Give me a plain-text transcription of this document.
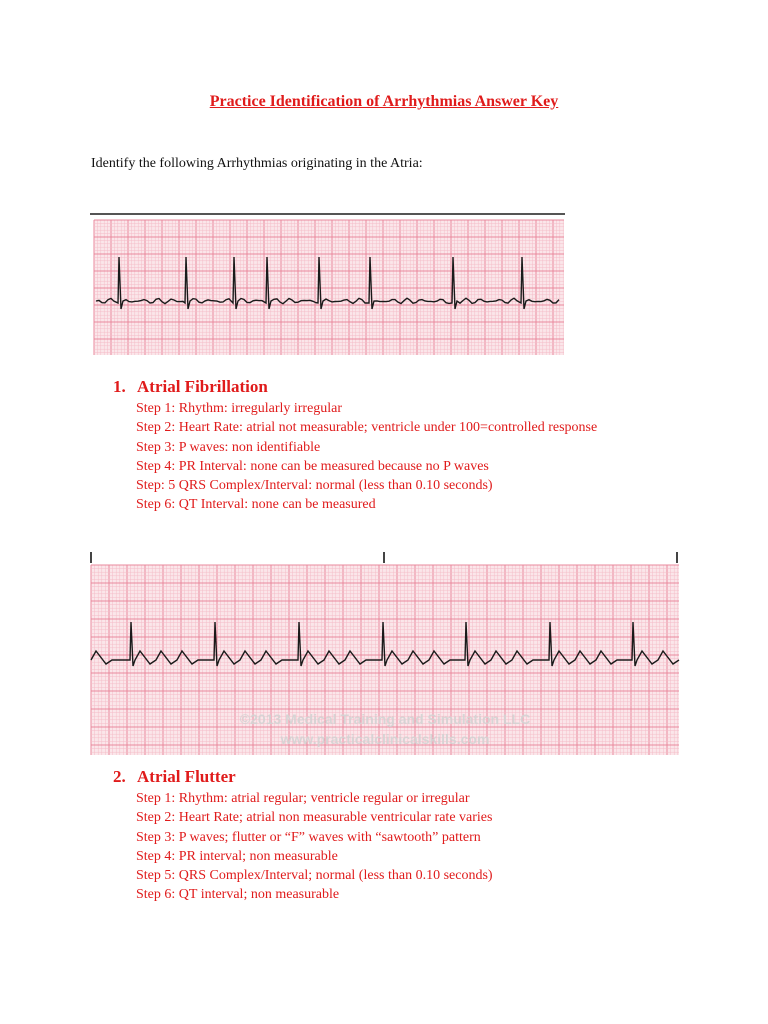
Practice Identification of Arrhythmias Answer Key
Identify the following Arrhythmias originating in the Atria:
1. Atrial Fibrillation
Step 1: Rhythm: irregularly irregular
Step 2: Heart Rate: atrial not measurable; ventricle under 100=controlled response
Step 3: P waves: non identifiable
Step 4: PR Interval: none can be measured because no P waves
Step: 5 QRS Complex/Interval: normal (less than 0.10 seconds)
Step 6: QT Interval: none can be measured
©2013 Medical Training and Simulation LLC
www.practicalclinicalskills.com
2. Atrial Flutter
Step 1: Rhythm: atrial regular; ventricle regular or irregular
Step 2: Heart Rate; atrial non measurable ventricular rate varies
Step 3: P waves; flutter or “F” waves with “sawtooth” pattern
Step 4: PR interval; non measurable
Step 5: QRS Complex/Interval; normal (less than 0.10 seconds)
Step 6: QT interval; non measurable
